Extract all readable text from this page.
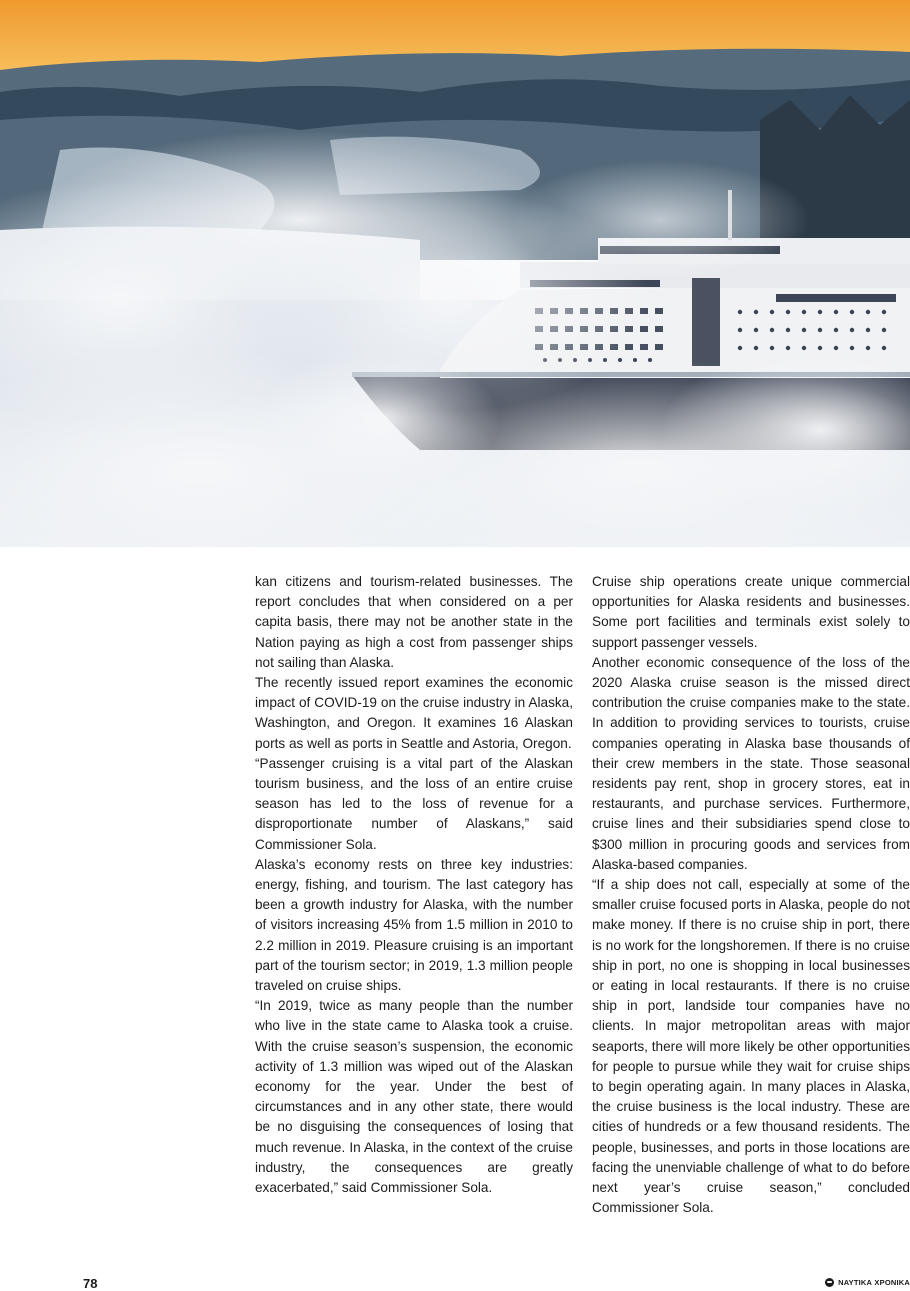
kan citizens and tourism-related businesses. The report concludes that when considered on a per capita basis, there may not be another state in the Nation paying as high a cost from passenger ships not sailing than Alaska.

The recently issued report examines the economic impact of COVID-19 on the cruise industry in Alaska, Washington, and Oregon. It examines 16 Alaskan ports as well as ports in Seattle and Astoria, Oregon.

“Passenger cruising is a vital part of the Alaskan tourism business, and the loss of an entire cruise season has led to the loss of revenue for a disproportionate number of Alaskans,” said Commissioner Sola.

Alaska’s economy rests on three key industries: energy, fishing, and tourism. The last category has been a growth industry for Alaska, with the number of visitors increasing 45% from 1.5 million in 2010 to 2.2 million in 2019. Pleasure cruising is an important part of the tourism sector; in 2019, 1.3 million people traveled on cruise ships.

“In 2019, twice as many people than the number who live in the state came to Alaska took a cruise. With the cruise season’s suspension, the economic activity of 1.3 million was wiped out of the Alaskan economy for the year. Under the best of circumstances and in any other state, there would be no disguising the consequences of losing that much revenue. In Alaska, in the context of the cruise industry, the consequences are greatly exacerbated,” said Commissioner Sola.

Cruise ship operations create unique commercial opportunities for Alaska residents and businesses. Some port facilities and terminals exist solely to support passenger vessels.

Another economic consequence of the loss of the 2020 Alaska cruise season is the missed direct contribution the cruise companies make to the state. In addition to providing services to tourists, cruise companies operating in Alaska base thousands of their crew members in the state. Those seasonal residents pay rent, shop in grocery stores, eat in restaurants, and purchase services. Furthermore, cruise lines and their subsidiaries spend close to $300 million in procuring goods and services from Alaska-based companies.

“If a ship does not call, especially at some of the smaller cruise focused ports in Alaska, people do not make money. If there is no cruise ship in port, there is no work for the longshoremen. If there is no cruise ship in port, no one is shopping in local businesses or eating in local restaurants. If there is no cruise ship in port, landside tour companies have no clients. In major metropolitan areas with major seaports, there will more likely be other opportunities for people to pursue while they wait for cruise ships to begin operating again. In many places in Alaska, the cruise business is the local industry. These are cities of hundreds or a few thousand residents. The people, businesses, and ports in those locations are facing the unenviable challenge of what to do before next year’s cruise season,” concluded Commissioner Sola.

78	ΝΑΥΤΙΚΑ ΧΡΟΝΙΚΑ
